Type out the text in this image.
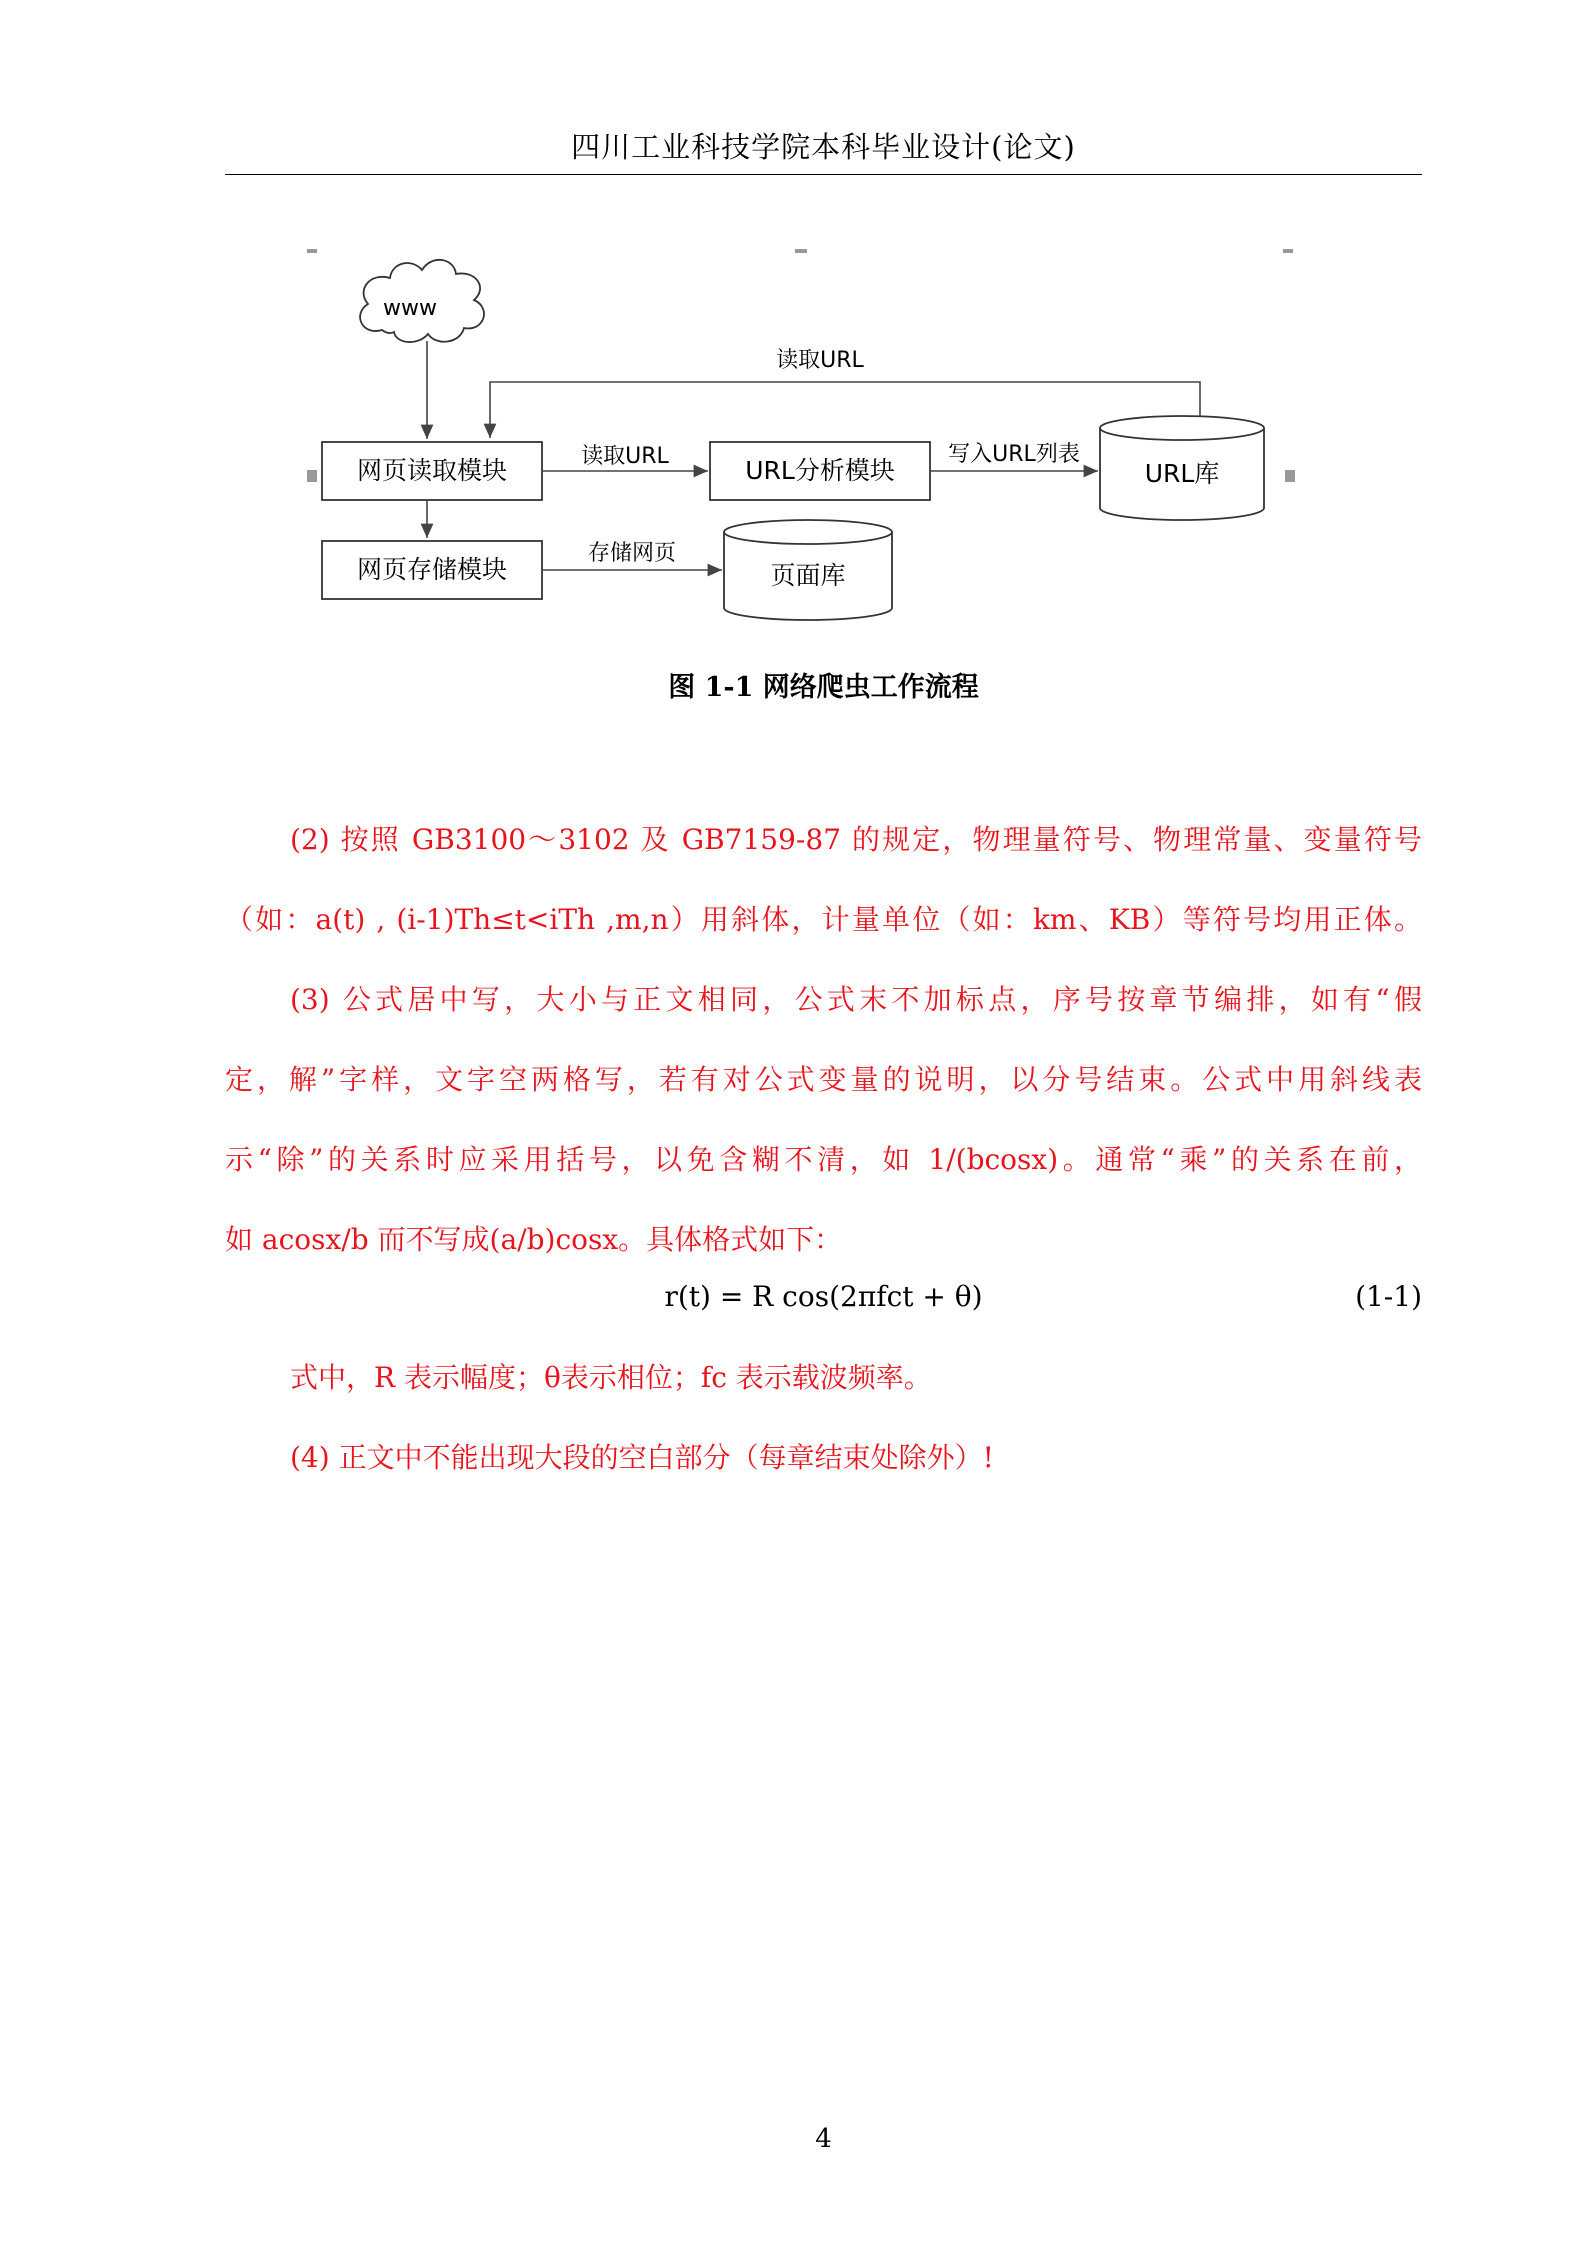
四川工业科技学院本科毕业设计(论文)
www
读取URL
网页读取模块	读取URL	URL分析模块
写入URL列表
URL库
网页存储模块
存储网页
页面库
图 1-1 网络爬虫工作流程
(2) 按照 GB3100～3102 及 GB7159-87 的规定，物理量符号、物理常量、变量符号
（如：a(t) , (i-1)Th≤t<iTh ,m,n）用斜体，计量单位（如：km、KB）等符号均用正体。
(3) 公式居中写，大小与正文相同，公式末不加标点，序号按章节编排，如有“假
定，解”字样，文字空两格写，若有对公式变量的说明，以分号结束。公式中用斜线表
示“除”的关系时应采用括号，以免含糊不清，如 1/(bcosx)。通常“乘”的关系在前，
如 acosx/b 而不写成(a/b)cosx。具体格式如下：
r(t) = R cos(2πfct + θ)	(1-1)
式中，R 表示幅度；θ表示相位；fc 表示载波频率。
(4) 正文中不能出现大段的空白部分（每章结束处除外）!
4
